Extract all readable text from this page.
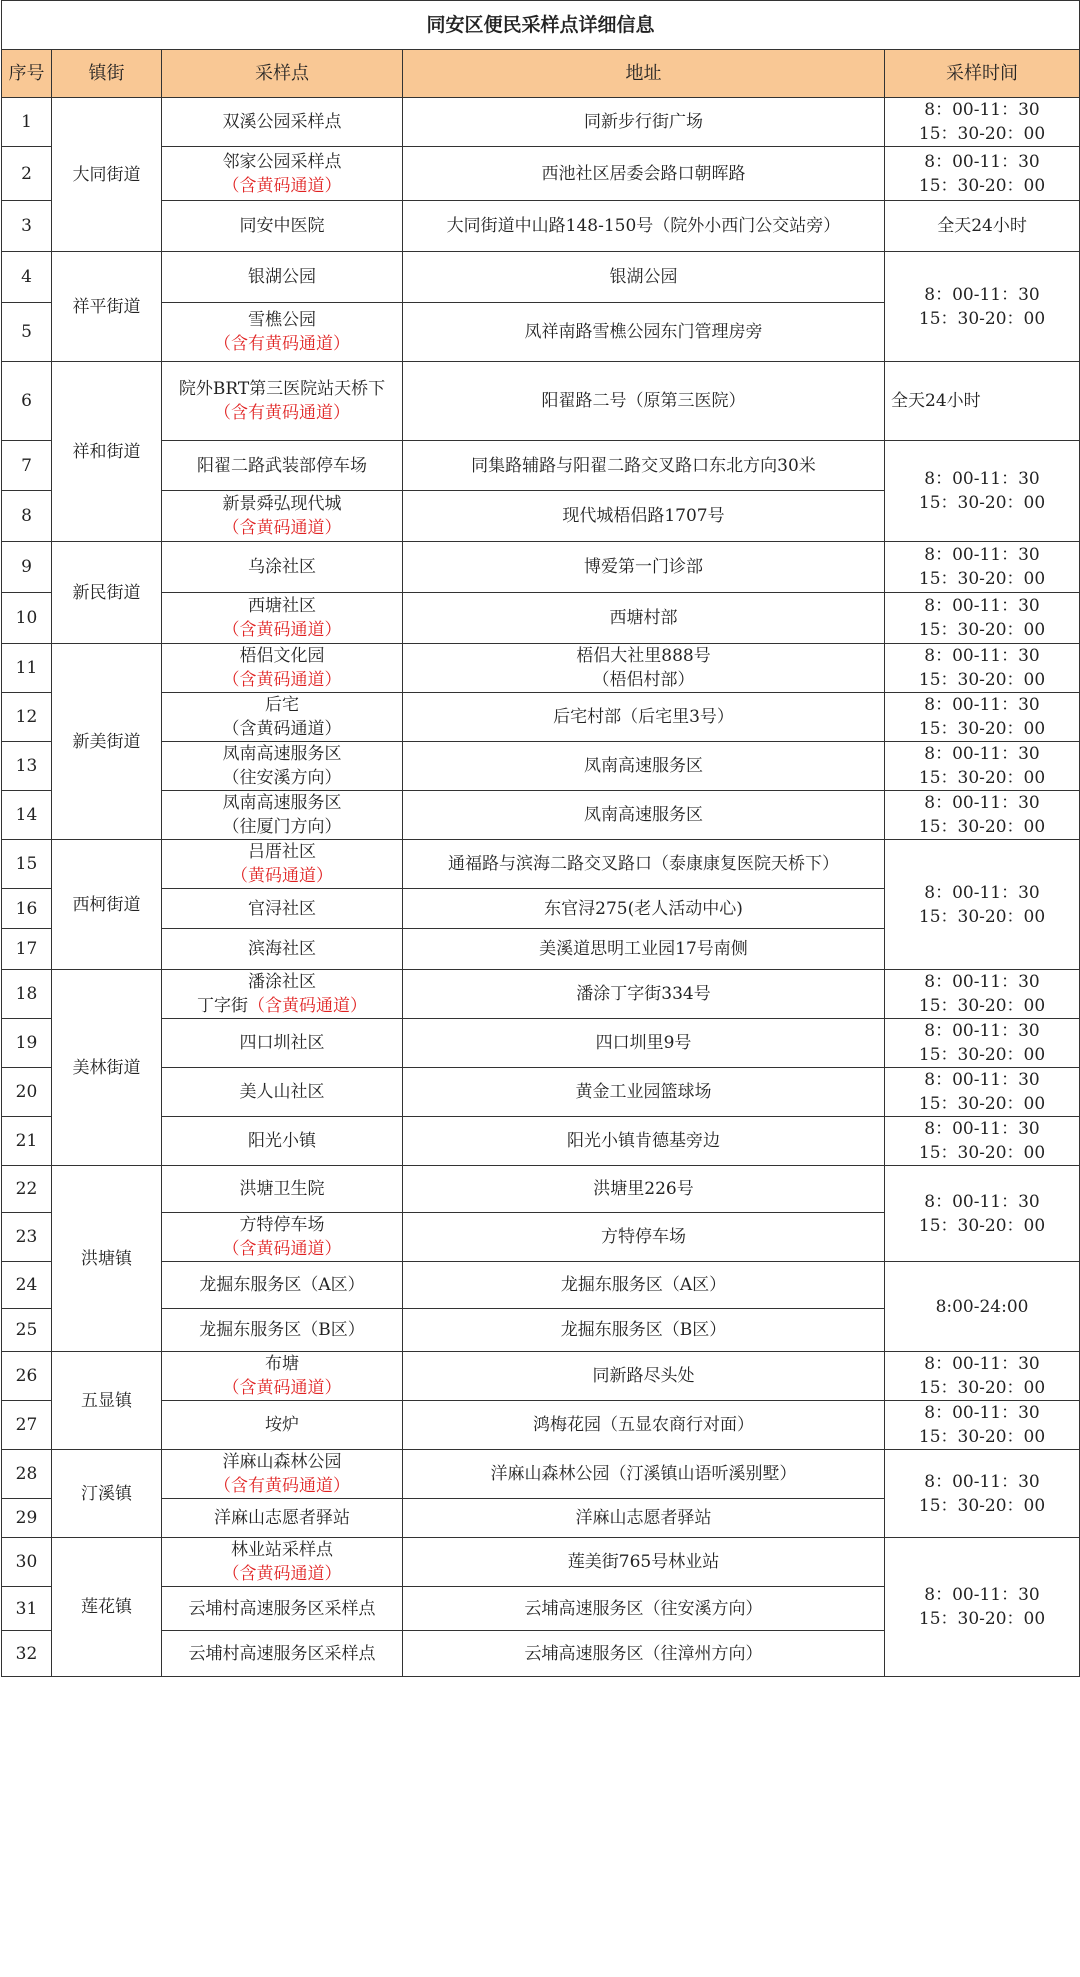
同安区便民采样点详细信息				
序号	镇街	采样点	地址	采样时间
1	大同街道	双溪公园采样点	同新步行街广场	8：00-11：30
15：30-20：00

2		邻家公园采样点
（含黄码通道）	西池社区居委会路口朝晖路	8：00-11：30
15：30-20：00

3		同安中医院	大同街道中山路148-150号（院外小西门公交站旁）	全天24小时

4	祥平街道	银湖公园	银湖公园	8：00-11：30
15：30-20：00

5		雪樵公园
（含有黄码通道）	凤祥南路雪樵公园东门管理房旁	

6	祥和街道	院外BRT第三医院站天桥下
（含有黄码通道）	阳翟路二号（原第三医院）	全天24小时

7		阳翟二路武装部停车场	同集路辅路与阳翟二路交叉路口东北方向30米	8：00-11：30
15：30-20：00

8		新景舜弘现代城
（含黄码通道）	现代城梧侣路1707号	

9	新民街道	乌涂社区	博爱第一门诊部	8：00-11：30
15：30-20：00

10		西塘社区
（含黄码通道）	西塘村部	8：00-11：30
15：30-20：00

11	新美街道	梧侣文化园
（含黄码通道）	梧侣大社里888号
（梧侣村部）	8：00-11：30
15：30-20：00

12		后宅
（含黄码通道）	后宅村部（后宅里3号）	8：00-11：30
15：30-20：00

13		凤南高速服务区
（往安溪方向）	凤南高速服务区	8：00-11：30
15：30-20：00

14		凤南高速服务区
（往厦门方向）	凤南高速服务区	8：00-11：30
15：30-20：00

15	西柯街道	吕厝社区
（黄码通道）	通福路与滨海二路交叉路口（泰康康复医院天桥下）	8：00-11：30
15：30-20：00

16		官浔社区	东官浔275(老人活动中心)	

17		滨海社区	美溪道思明工业园17号南侧	

18	美林街道	潘涂社区
丁字街（含黄码通道）	潘涂丁字街334号	8：00-11：30
15：30-20：00

19		四口圳社区	四口圳里9号	8：00-11：30
15：30-20：00

20		美人山社区	黄金工业园篮球场	8：00-11：30
15：30-20：00

21		阳光小镇	阳光小镇肯德基旁边	8：00-11：30
15：30-20：00

22	洪塘镇	洪塘卫生院	洪塘里226号	8：00-11：30
15：30-20：00

23		方特停车场
（含黄码通道）	方特停车场	

24		龙掘东服务区（A区）	龙掘东服务区（A区）	8:00-24:00

25		龙掘东服务区（B区）	龙掘东服务区（B区）	

26	五显镇	布塘
（含黄码通道）	同新路尽头处	8：00-11：30
15：30-20：00

27		垵炉	鸿梅花园（五显农商行对面）	8：00-11：30
15：30-20：00

28	汀溪镇	洋麻山森林公园
（含有黄码通道）	洋麻山森林公园（汀溪镇山语听溪别墅）	8：00-11：30
15：30-20：00

29		洋麻山志愿者驿站	洋麻山志愿者驿站	

30	莲花镇	林业站采样点
（含黄码通道）	莲美街765号林业站	8：00-11：30
15：30-20：00

31		云埔村高速服务区采样点	云埔高速服务区（往安溪方向）	

32		云埔村高速服务区采样点	云埔高速服务区（往漳州方向）	
